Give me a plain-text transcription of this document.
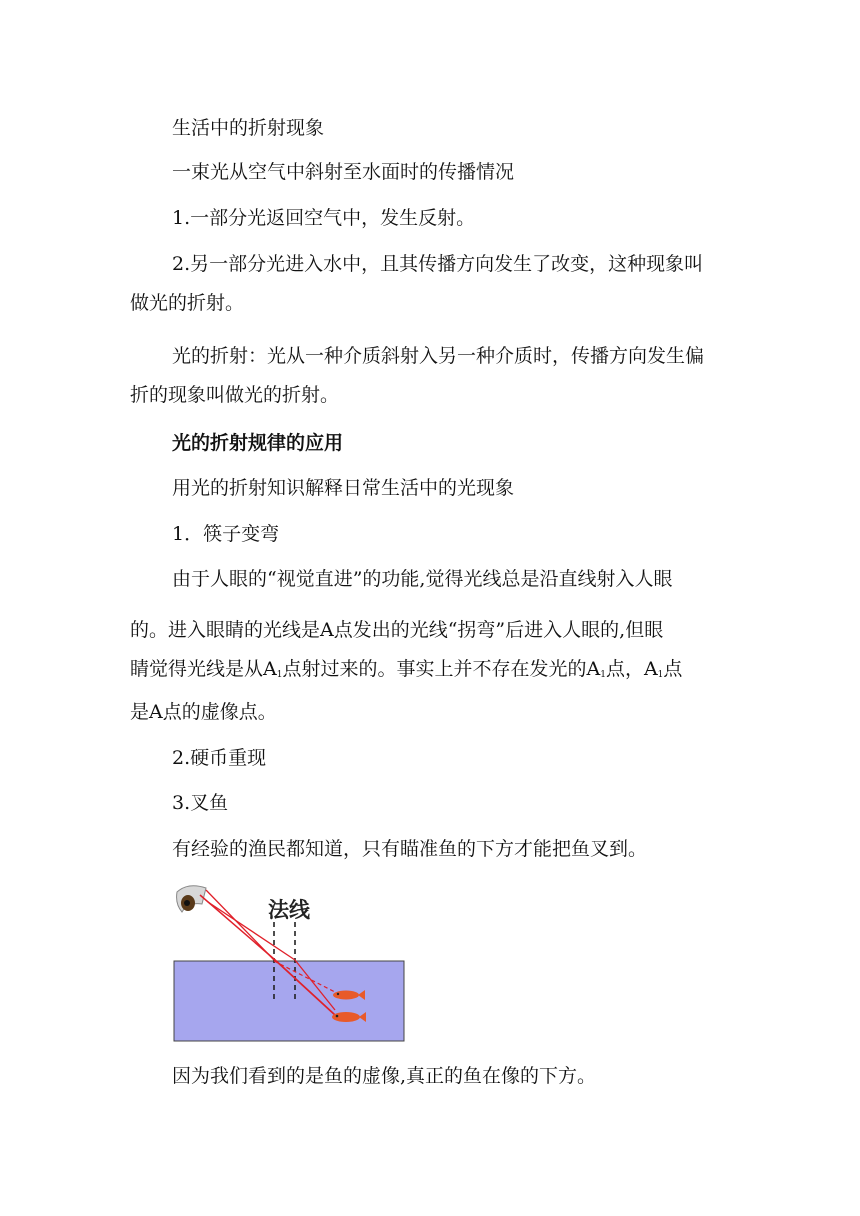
生活中的折射现象
一束光从空气中斜射至水面时的传播情况
1.一部分光返回空气中，发生反射。
2.另一部分光进入水中，且其传播方向发生了改变，这种现象叫
做光的折射。
光的折射：光从一种介质斜射入另一种介质时，传播方向发生偏
折的现象叫做光的折射。
光的折射规律的应用
用光的折射知识解释日常生活中的光现象
1．筷子变弯
由于人眼的“视觉直进”的功能,觉得光线总是沿直线射入人眼
的。进入眼睛的光线是A点发出的光线“拐弯”后进入人眼的,但眼
睛觉得光线是从$A_1$点射过来的。事实上并不存在发光的$A_1$点，$A_1$点
是A点的虚像点。
2.硬币重现
3.叉鱼
有经验的渔民都知道，只有瞄准鱼的下方才能把鱼叉到。
法线
因为我们看到的是鱼的虚像,真正的鱼在像的下方。
